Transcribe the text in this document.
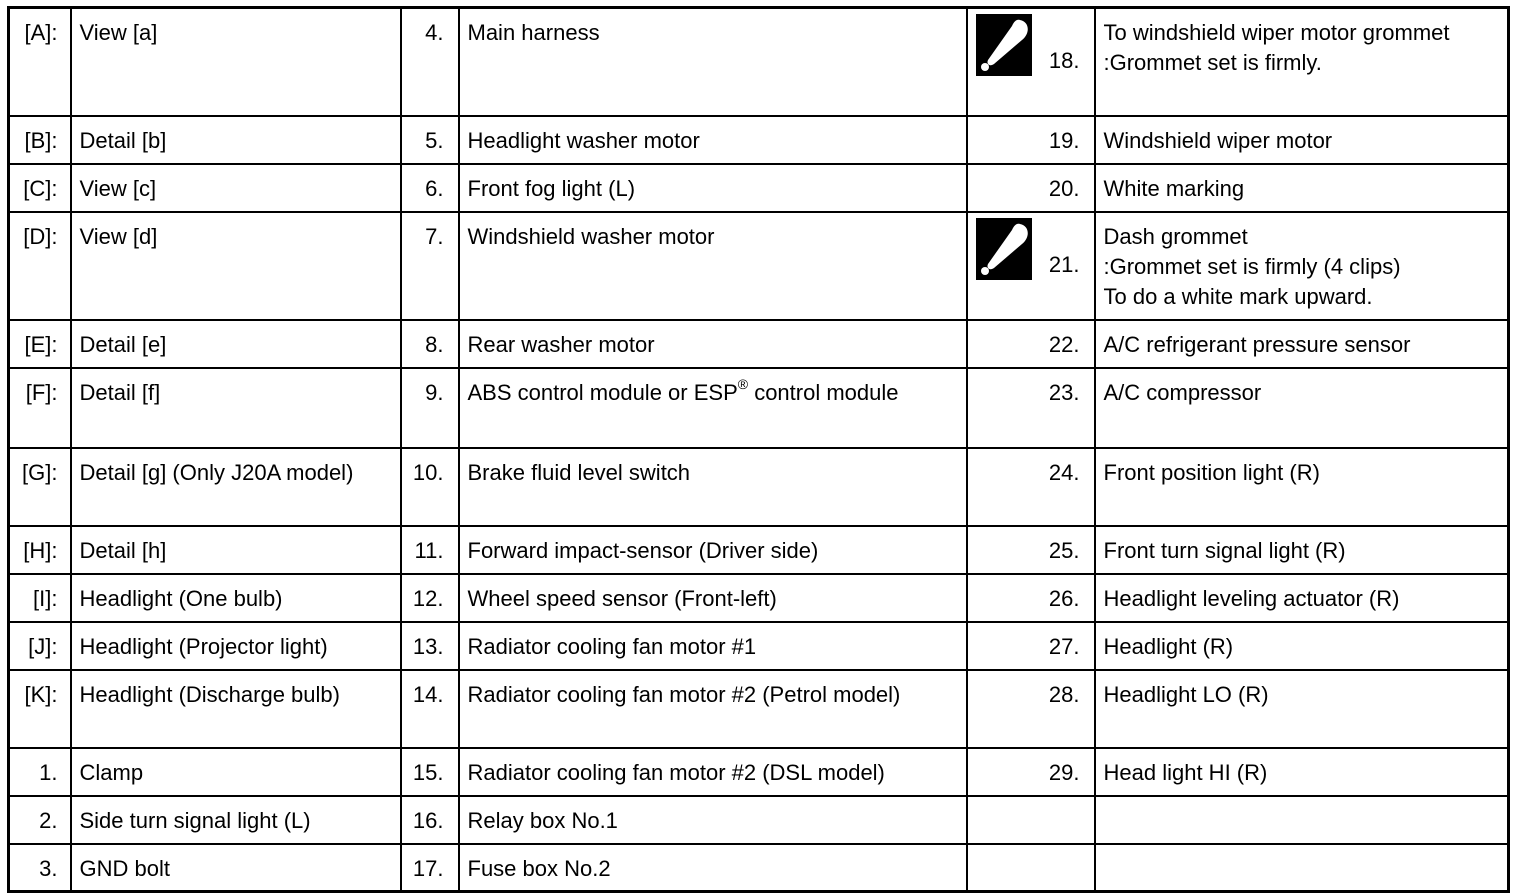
[A]:	View [a]	4.	Main harness	18.	To windshield wiper motor grommet
:Grommet set is firmly.

[B]:	Detail [b]	5.	Headlight washer motor	19.	Windshield wiper motor

[C]:	View [c]	6.	Front fog light (L)	20.	White marking

[D]:	View [d]	7.	Windshield washer motor	21.	Dash grommet
:Grommet set is firmly (4 clips)
To do a white mark upward.

[E]:	Detail [e]	8.	Rear washer motor	22.	A/C refrigerant pressure sensor

[F]:	Detail [f]	9.	ABS control module or ESP® control module	23.	A/C compressor

[G]:	Detail [g] (Only J20A model)	10.	Brake fluid level switch	24.	Front position light (R)

[H]:	Detail [h]	11.	Forward impact-sensor (Driver side)	25.	Front turn signal light (R)

[I]:	Headlight (One bulb)	12.	Wheel speed sensor (Front-left)	26.	Headlight leveling actuator (R)

[J]:	Headlight (Projector light)	13.	Radiator cooling fan motor #1	27.	Headlight (R)

[K]:	Headlight (Discharge bulb)	14.	Radiator cooling fan motor #2 (Petrol model)	28.	Headlight LO (R)

1.	Clamp	15.	Radiator cooling fan motor #2 (DSL model)	29.	Head light HI (R)

2.	Side turn signal light (L)	16.	Relay box No.1		

3.	GND bolt	17.	Fuse box No.2		
